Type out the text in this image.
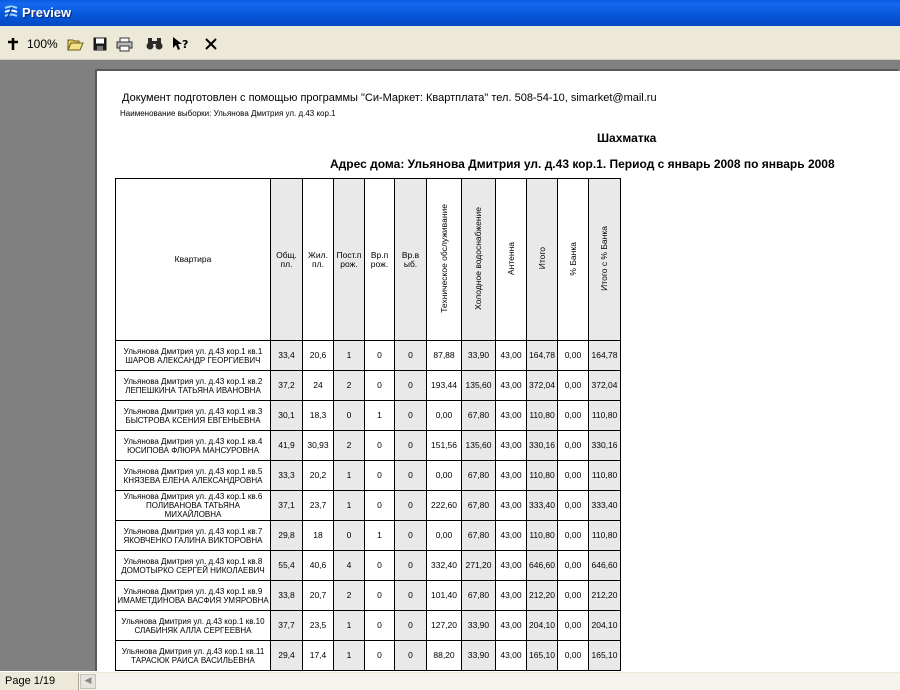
Preview
100%	?
Документ подготовлен с помощью программы "Си-Маркет: Квартплата" тел. 508-54-10, simarket@mail.ru
Наименование выборки: Ульянова Дмитрия ул. д.43 кор.1
Шахматка
Адрес дома: Ульянова Дмитрия ул. д.43 кор.1. Период с январь 2008 по январь 2008
Квартира	Общ. пл.	Жил. пл.	Пост.п рож.	Вр.п рож.	Вр.в ыб.	Техническое обслуживание	Холодное водоснабжение	Антенна	Итого	% Банка	Итого с % Банка
Ульянова Дмитрия ул. д.43 кор.1 кв.1 ШАРОВ АЛЕКСАНДР ГЕОРГИЕВИЧ	33,4	20,6	1	0	0	87,88	33,90	43,00	164,78	0,00	164,78
Ульянова Дмитрия ул. д.43 кор.1 кв.2 ЛЕПЕШКИНА ТАТЬЯНА ИВАНОВНА	37,2	24	2	0	0	193,44	135,60	43,00	372,04	0,00	372,04
Ульянова Дмитрия ул. д.43 кор.1 кв.3 БЫСТРОВА КСЕНИЯ ЕВГЕНЬЕВНА	30,1	18,3	0	1	0	0,00	67,80	43,00	110,80	0,00	110,80
Ульянова Дмитрия ул. д.43 кор.1 кв.4 ЮСИПОВА ФЛЮРА МАНСУРОВНА	41,9	30,93	2	0	0	151,56	135,60	43,00	330,16	0,00	330,16
Ульянова Дмитрия ул. д.43 кор.1 кв.5 КНЯЗЕВА ЕЛЕНА АЛЕКСАНДРОВНА	33,3	20,2	1	0	0	0,00	67,80	43,00	110,80	0,00	110,80
Ульянова Дмитрия ул. д.43 кор.1 кв.6 ПОЛИВАНОВА ТАТЬЯНА МИХАЙЛОВНА	37,1	23,7	1	0	0	222,60	67,80	43,00	333,40	0,00	333,40
Ульянова Дмитрия ул. д.43 кор.1 кв.7 ЯКОВЧЕНКО ГАЛИНА ВИКТОРОВНА	29,8	18	0	1	0	0,00	67,80	43,00	110,80	0,00	110,80
Ульянова Дмитрия ул. д.43 кор.1 кв.8 ДОМОТЫРКО СЕРГЕЙ НИКОЛАЕВИЧ	55,4	40,6	4	0	0	332,40	271,20	43,00	646,60	0,00	646,60
Ульянова Дмитрия ул. д.43 кор.1 кв.9 ИМАМЕТДИНОВА ВАСФИЯ УМЯРОВНА	33,8	20,7	2	0	0	101,40	67,80	43,00	212,20	0,00	212,20
Ульянова Дмитрия ул. д.43 кор.1 кв.10 СЛАБИНЯК АЛЛА СЕРГЕЕВНА	37,7	23,5	1	0	0	127,20	33,90	43,00	204,10	0,00	204,10
Ульянова Дмитрия ул. д.43 кор.1 кв.11 ТАРАСЮК РАИСА ВАСИЛЬЕВНА	29,4	17,4	1	0	0	88,20	33,90	43,00	165,10	0,00	165,10
Page 1/19	◀
